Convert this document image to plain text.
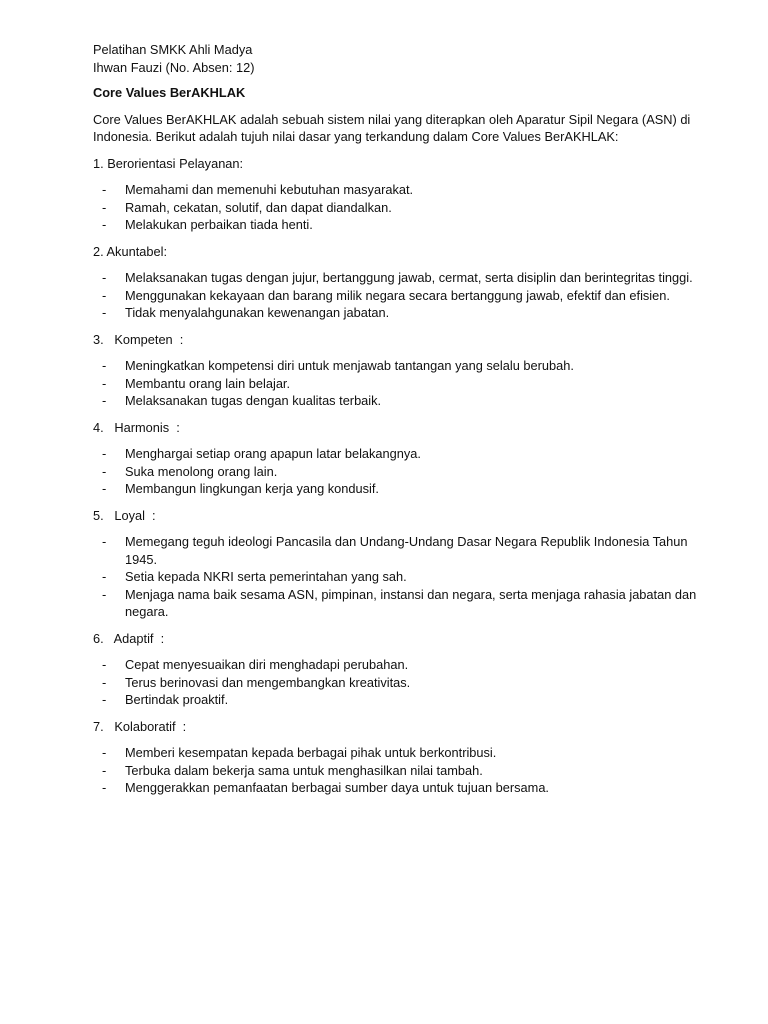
Pelatihan SMKK Ahli Madya

Ihwan Fauzi (No. Absen: 12)

Core Values BerAKHLAK

Core Values BerAKHLAK adalah sebuah sistem nilai yang diterapkan oleh Aparatur Sipil Negara (ASN) di Indonesia. Berikut adalah tujuh nilai dasar yang terkandung dalam Core Values BerAKHLAK:

1. Berorientasi Pelayanan:

- Memahami dan memenuhi kebutuhan masyarakat.
- Ramah, cekatan, solutif, dan dapat diandalkan.
- Melakukan perbaikan tiada henti.

2. Akuntabel:

- Melaksanakan tugas dengan jujur, bertanggung jawab, cermat, serta disiplin dan berintegritas tinggi.
- Menggunakan kekayaan dan barang milik negara secara bertanggung jawab, efektif dan efisien.
- Tidak menyalahgunakan kewenangan jabatan.

3.   Kompeten  :

- Meningkatkan kompetensi diri untuk menjawab tantangan yang selalu berubah.
- Membantu orang lain belajar.
- Melaksanakan tugas dengan kualitas terbaik.

4.   Harmonis  :

- Menghargai setiap orang apapun latar belakangnya.
- Suka menolong orang lain.
- Membangun lingkungan kerja yang kondusif.

5.   Loyal  :

- Memegang teguh ideologi Pancasila dan Undang-Undang Dasar Negara Republik Indonesia Tahun 1945.
- Setia kepada NKRI serta pemerintahan yang sah.
- Menjaga nama baik sesama ASN, pimpinan, instansi dan negara, serta menjaga rahasia jabatan dan negara.

6.   Adaptif  :

- Cepat menyesuaikan diri menghadapi perubahan.
- Terus berinovasi dan mengembangkan kreativitas.
- Bertindak proaktif.

7.   Kolaboratif  :

- Memberi kesempatan kepada berbagai pihak untuk berkontribusi.
- Terbuka dalam bekerja sama untuk menghasilkan nilai tambah.
- Menggerakkan pemanfaatan berbagai sumber daya untuk tujuan bersama.
